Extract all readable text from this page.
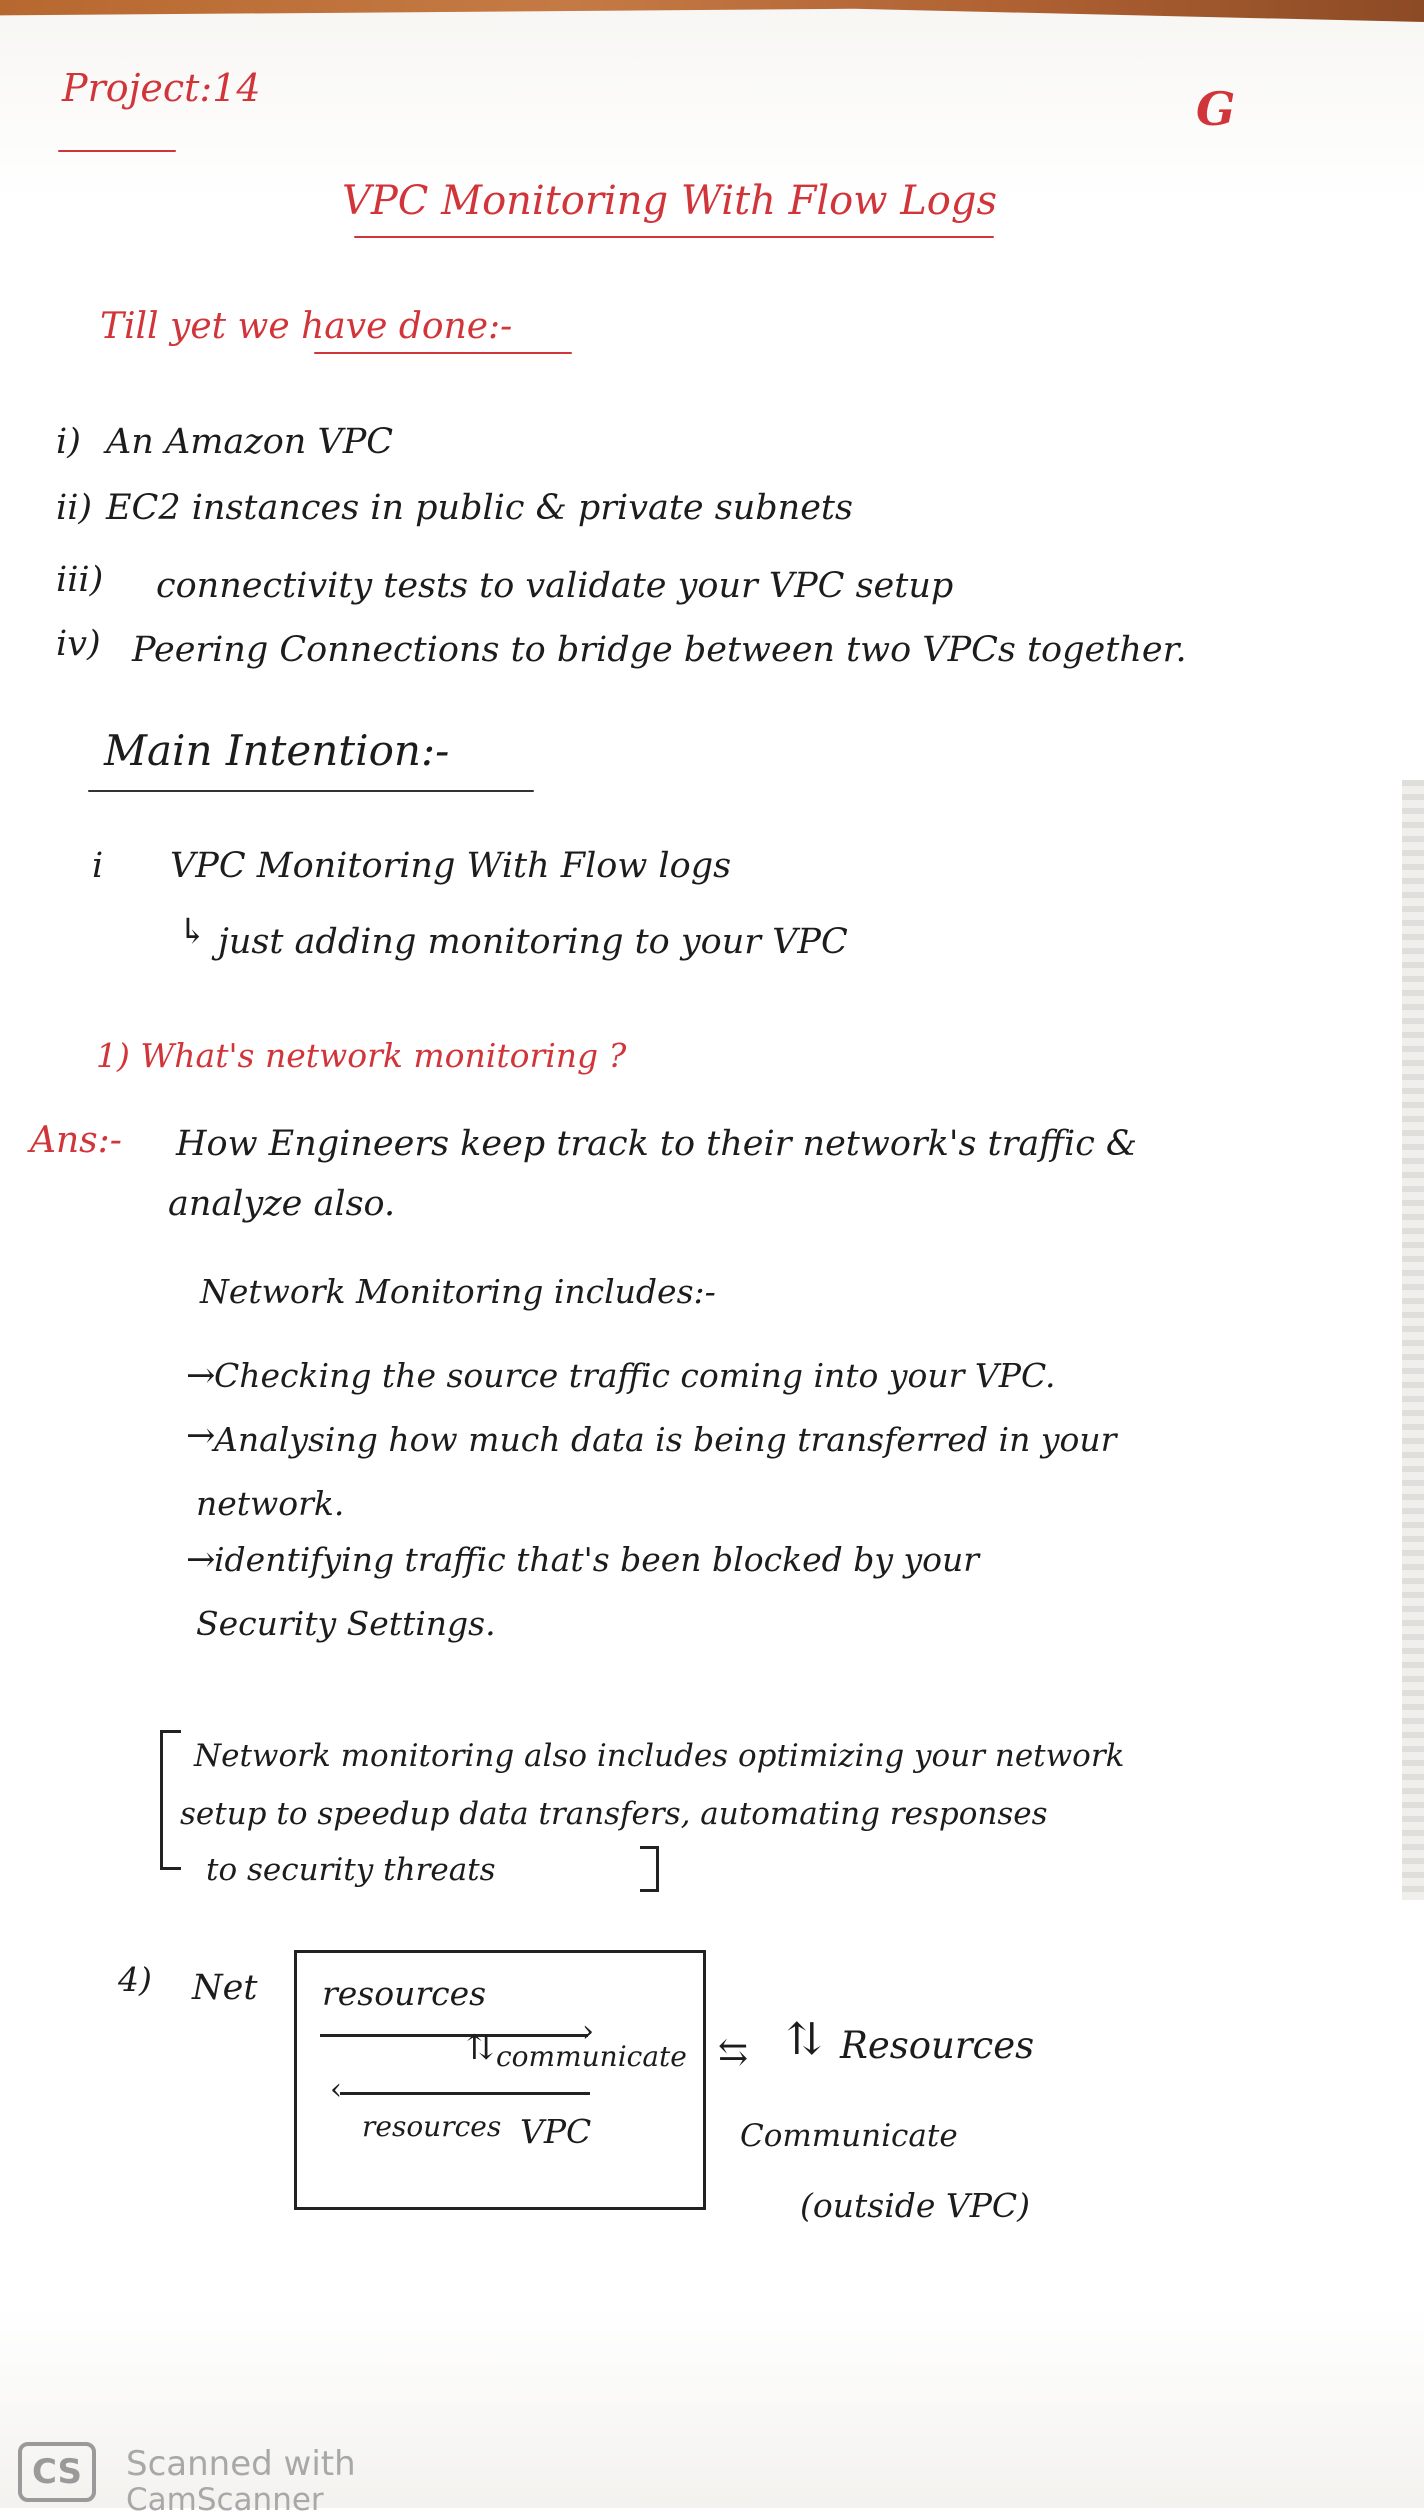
Project:14	G
VPC Monitoring With Flow Logs
Till yet we have done:-
i) An Amazon VPC
ii) EC2 instances in public & private subnets
iii) connectivity tests to validate your VPC setup
iv) Peering Connections to bridge between two VPCs together.
Main Intention:-
i VPC Monitoring With Flow logs
↳ just adding monitoring to your VPC
1) What's network monitoring ?
Ans:- How Engineers keep track to their network's traffic &
analyze also.
Network Monitoring includes:-
→
Checking the source traffic coming into your VPC.
→
Analysing how much data is being transferred in your
network.
→
identifying traffic that's been blocked by your
Security Settings.
Network monitoring also includes optimizing your network
setup to speedup data transfers, automating responses
to security threats
4) Net resources
›
⇅ communicate
‹
resources VPC
⇆ ⇅ Resources
Communicate
(outside VPC)
CS	Scanned with
CamScanner
